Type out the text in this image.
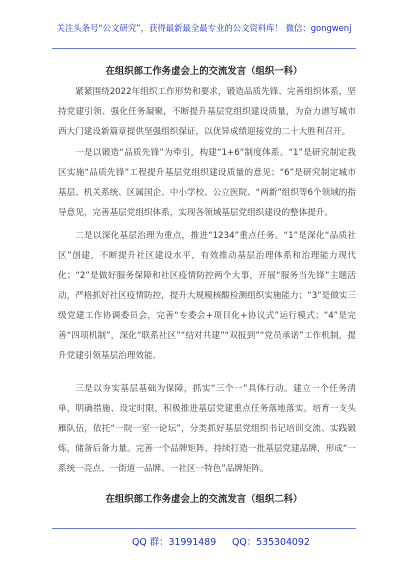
关注头条号“公文研究”，获得最新最全最专业的公文资料库！ 微信：gongwenj
在组织部工作务虚会上的交流发言（组织一科）

紧紧围绕2022年组织工作形势和要求，锻造品质先锋、完善组织体系，坚持党建引领、强化任务凝聚，不断提升基层党组织建设质量，为奋力谱写城市西大门建设新篇章提供坚强组织保证，以优异成绩迎接党的二十大胜利召开。

一是以锻造“品质先锋”为牵引，构建“1+6”制度体系。“1”是研究制定我区实施“品质先锋”工程提升基层党组织建设质量的意见；“6”是研究制定城市基层、机关系统、区属国企、中小学校、公立医院、“两新”组织等6个领域的指导意见，完善基层党组织体系，实现各领域基层党组织建设的整体提升。

二是以深化基层治理为重点，推进“1234”重点任务。“1”是深化“品质社区”创建，不断提升社区建设水平，有效推动基层治理体系和治理能力现代化；“2”是做好服务保障和社区疫情防控两个大事，开展“服务当先锋”主题活动，严格抓好社区疫情防控，提升大规模核酸检测组织实施能力；“3”是做实三级党建工作协调委员会，完善“专委会+项目化+协议式”运行模式；“4”是完善“四项机制”，深化“联系社区”“结对共建”“双报到”“党员承诺”工作机制，提升党建引领基层治理效能。

三是以夯实基层基础为保障，抓实“三个一”具体行动。建立一个任务清单，明确措施、设定时限，积极推进基层党建重点任务落地落实。培育一支头雁队伍，依托“一院一室一论坛”，分类抓好基层党组织书记培训交流、实践锻炼，储备后备力量。完善一个品牌矩阵，持续打造一批基层党建品牌，形成“一系统一亮点、一街道一品牌、一社区一特色”品牌矩阵。

在组织部工作务虚会上的交流发言（组织二科）
QQ 群：31991489 QQ：535304092
